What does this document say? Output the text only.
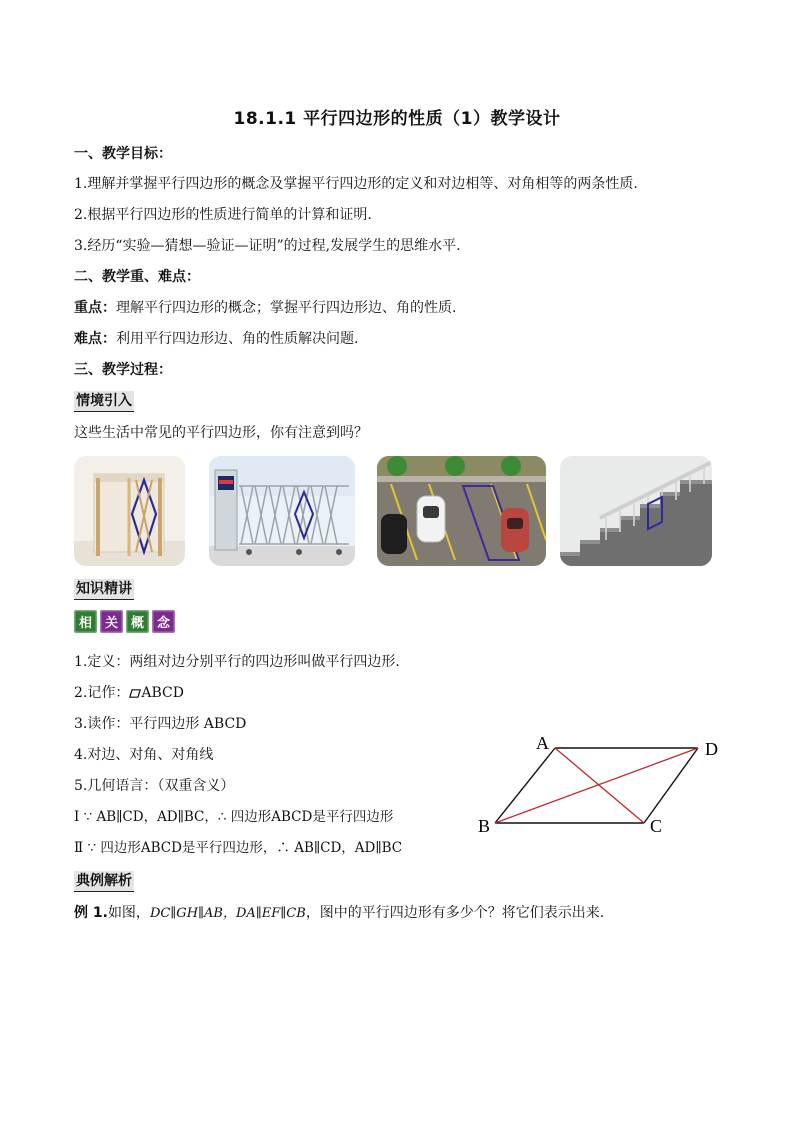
18.1.1 平行四边形的性质（1）教学设计
一、教学目标：
1.理解并掌握平行四边形的概念及掌握平行四边形的定义和对边相等、对角相等的两条性质.
2.根据平行四边形的性质进行简单的计算和证明.
3.经历“实验—猜想—验证—证明”的过程,发展学生的思维水平.
二、教学重、难点：
重点：理解平行四边形的概念；掌握平行四边形边、角的性质.
难点：利用平行四边形边、角的性质解决问题.
三、教学过程：
情境引入
这些生活中常见的平行四边形，你有注意到吗？
知识精讲
相 关 概 念
1.定义：两组对边分别平行的四边形叫做平行四边形.
2.记作： ABCD
3.读作：平行四边形 ABCD
4.对边、对角、对角线
5.几何语言：（双重含义）
Ⅰ ∵ AB∥CD，AD∥BC，∴ 四边形ABCD是平行四边形
Ⅱ ∵ 四边形ABCD是平行四边形，∴ AB∥CD，AD∥BC
A	D
B	C
典例解析
例 1.如图，DC∥GH∥AB，DA∥EF∥CB，图中的平行四边形有多少个？将它们表示出来.
